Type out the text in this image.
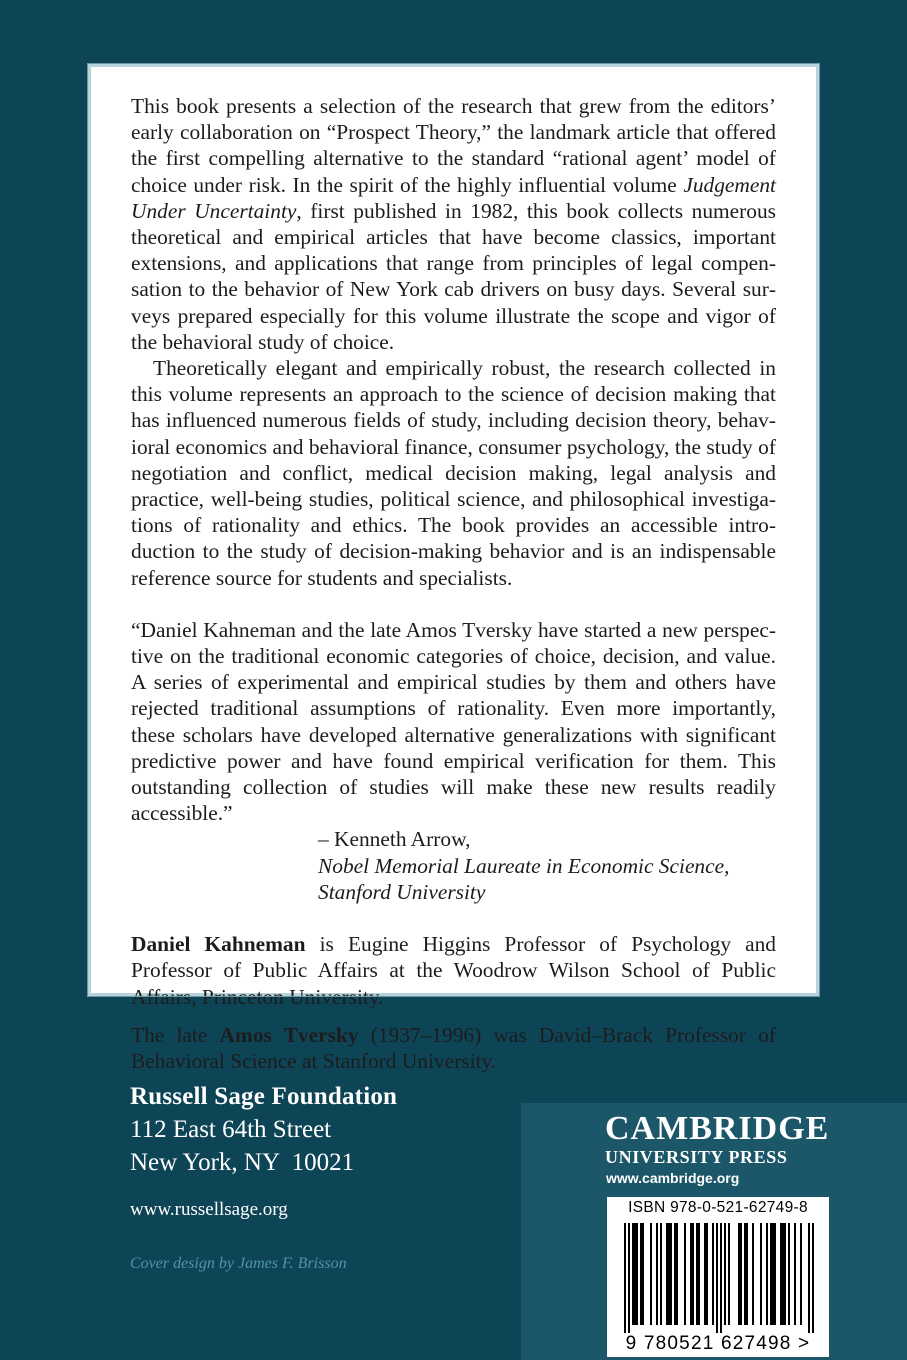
This book presents a selection of the research that grew from the editors’ early collaboration on “Prospect Theory,” the landmark article that offered the first compelling alternative to the standard “rational agent’ model of choice under risk. In the spirit of the highly influential volume Judgement Under Uncertainty, first published in 1982, this book collects numerous theoretical and empirical articles that have become classics, important extensions, and applications that range from principles of legal compensation to the behavior of New York cab drivers on busy days. Several surveys prepared especially for this volume illustrate the scope and vigor of the behavioral study of choice.

Theoretically elegant and empirically robust, the research collected in this volume represents an approach to the science of decision making that has influenced numerous fields of study, including decision theory, behavioral economics and behavioral finance, consumer psychology, the study of negotiation and conflict, medical decision making, legal analysis and practice, well-being studies, political science, and philosophical investigations of rationality and ethics. The book provides an accessible introduction to the study of decision-making behavior and is an indispensable reference source for students and specialists.

“Daniel Kahneman and the late Amos Tversky have started a new perspective on the traditional economic categories of choice, decision, and value. A series of experimental and empirical studies by them and others have rejected traditional assumptions of rationality. Even more importantly, these scholars have developed alternative generalizations with significant predictive power and have found empirical verification for them. This outstanding collection of studies will make these new results readily accessible.”

– Kenneth Arrow,
Nobel Memorial Laureate in Economic Science,
Stanford University

Daniel Kahneman is Eugine Higgins Professor of Psychology and Professor of Public Affairs at the Woodrow Wilson School of Public Affairs, Princeton University.

The late Amos Tversky (1937–1996) was David–Brack Professor of Behavioral Science at Stanford University.

Russell Sage Foundation
112 East 64th Street
New York, NY  10021
www.russellsage.org
Cover design by James F. Brisson
CAMBRIDGE
UNIVERSITY PRESS
www.cambridge.org
ISBN 978-0-521-62749-8
9 780521 627498 >
